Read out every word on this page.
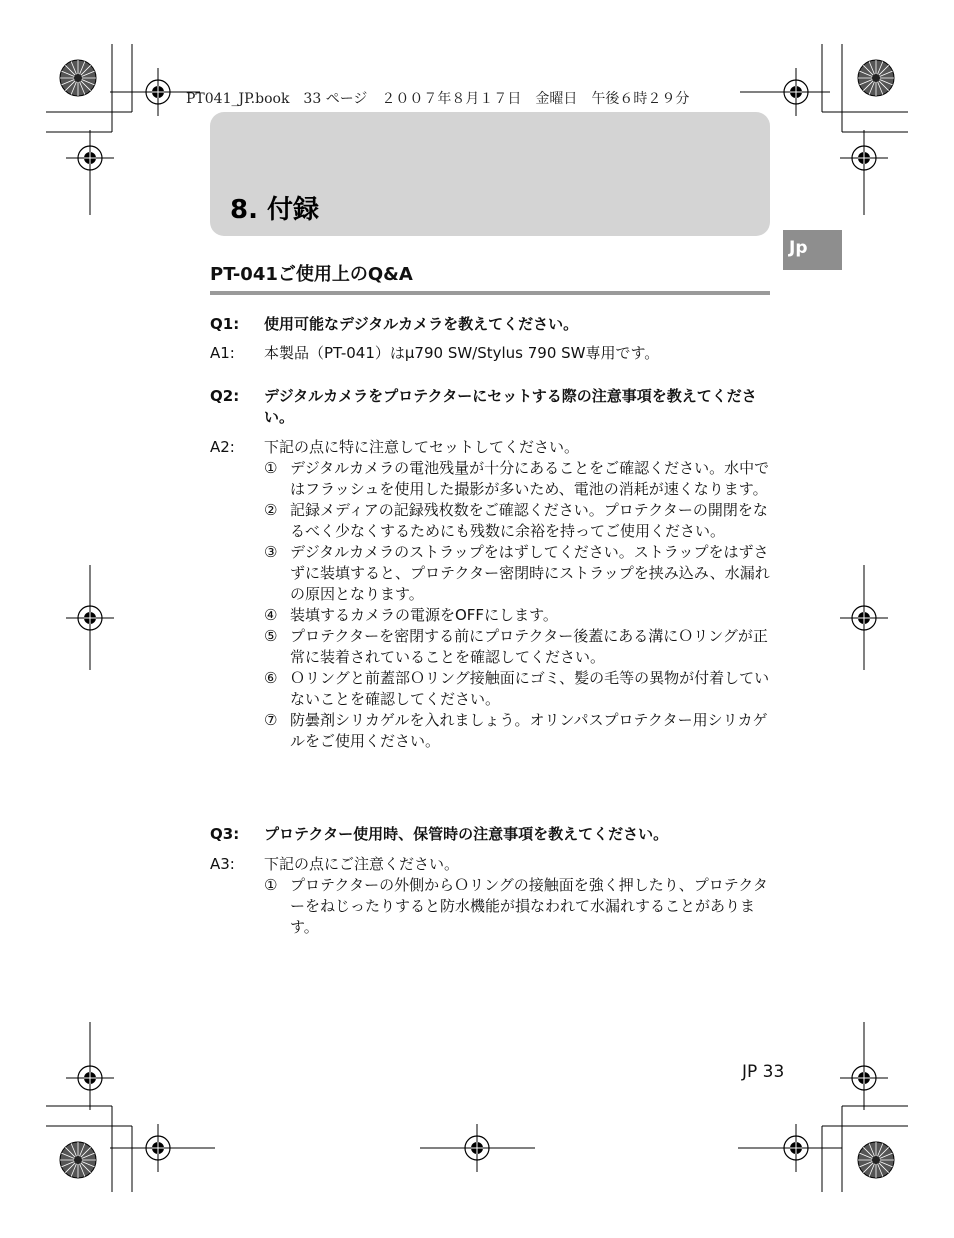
PT041_JP.book　33 ページ　２００７年８月１７日　金曜日　午後６時２９分
8. 付録
Jp
PT-041ご使用上のQ&A
Q1: 使用可能なデジタルカメラを教えてください。
A1: 本製品（PT-041）はμ790 SW/Stylus 790 SW専用です。
Q2: デジタルカメラをプロテクターにセットする際の注意事項を教えてください。
A2: 下記の点に特に注意してセットしてください。
① デジタルカメラの電池残量が十分にあることをご確認ください。水中ではフラッシュを使用した撮影が多いため、電池の消耗が速くなります。
② 記録メディアの記録残枚数をご確認ください。プロテクターの開閉をなるべく少なくするためにも残数に余裕を持ってご使用ください。
③ デジタルカメラのストラップをはずしてください。ストラップをはずさずに装填すると、プロテクター密閉時にストラップを挟み込み、水漏れの原因となります。
④ 装填するカメラの電源をOFFにします。
⑤ プロテクターを密閉する前にプロテクター後蓋にある溝にＯリングが正常に装着されていることを確認してください。
⑥ Ｏリングと前蓋部Ｏリング接触面にゴミ、髪の毛等の異物が付着していないことを確認してください。
⑦ 防曇剤シリカゲルを入れましょう。オリンパスプロテクター用シリカゲルをご使用ください。
Q3: プロテクター使用時、保管時の注意事項を教えてください。
A3: 下記の点にご注意ください。
① プロテクターの外側からＯリングの接触面を強く押したり、プロテクターをねじったりすると防水機能が損なわれて水漏れすることがあります。
JP 33
